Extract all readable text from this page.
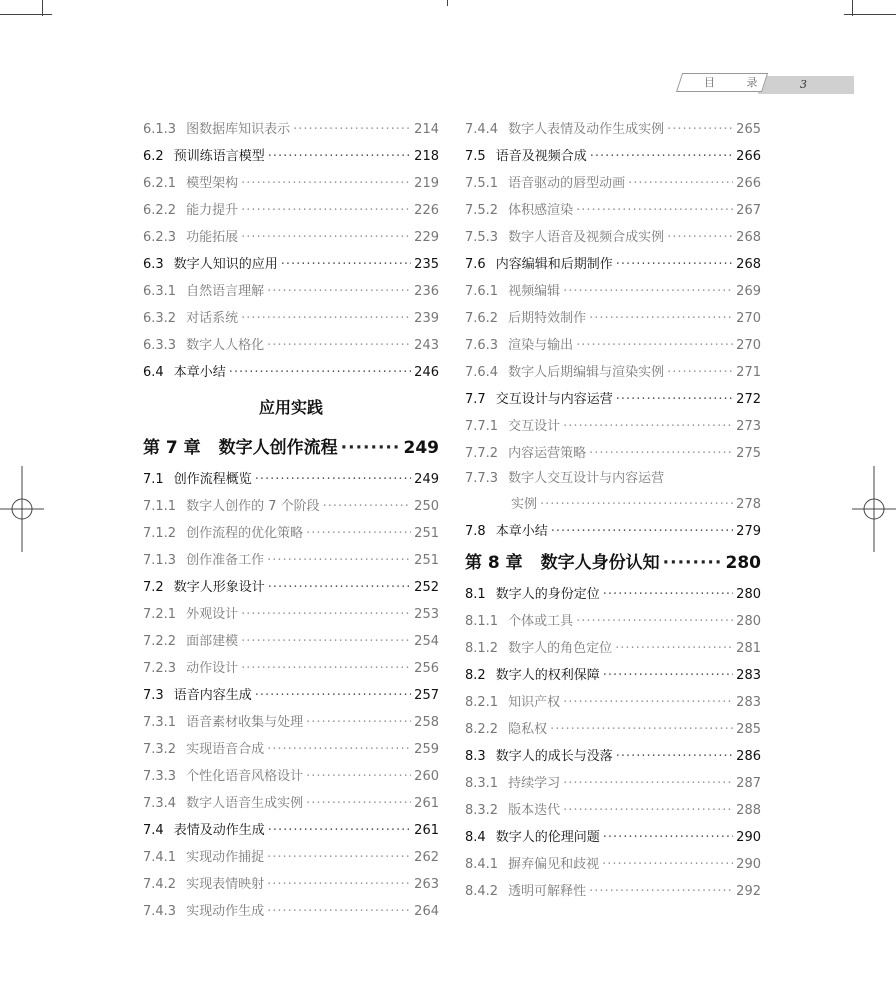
目 录	3
6.1.3 图数据库知识表示 ·····	214
6.2 预训练语言模型 ·····	218
6.2.1 模型架构 ·····	219
6.2.2 能力提升 ·····	226
6.2.3 功能拓展 ·····	229
6.3 数字人知识的应用 ·····	235
6.3.1 自然语言理解 ·····	236
6.3.2 对话系统 ·····	239
6.3.3 数字人人格化 ·····	243
6.4 本章小结 ·····	246
应用实践
第 7 章 数字人创作流程 ·····	249
7.1 创作流程概览 ·····	249
7.1.1 数字人创作的 7 个阶段 ·····	250
7.1.2 创作流程的优化策略 ·····	251
7.1.3 创作准备工作 ·····	251
7.2 数字人形象设计 ·····	252
7.2.1 外观设计 ·····	253
7.2.2 面部建模 ·····	254
7.2.3 动作设计 ·····	256
7.3 语音内容生成 ·····	257
7.3.1 语音素材收集与处理 ·····	258
7.3.2 实现语音合成 ·····	259
7.3.3 个性化语音风格设计 ·····	260
7.3.4 数字人语音生成实例 ·····	261
7.4 表情及动作生成 ·····	261
7.4.1 实现动作捕捉 ·····	262
7.4.2 实现表情映射 ·····	263
7.4.3 实现动作生成 ·····	264
7.4.4 数字人表情及动作生成实例 ·····	265
7.5 语音及视频合成 ·····	266
7.5.1 语音驱动的唇型动画 ·····	266
7.5.2 体积感渲染 ·····	267
7.5.3 数字人语音及视频合成实例 ·····	268
7.6 内容编辑和后期制作 ·····	268
7.6.1 视频编辑 ·····	269
7.6.2 后期特效制作 ·····	270
7.6.3 渲染与输出 ·····	270
7.6.4 数字人后期编辑与渲染实例 ·····	271
7.7 交互设计与内容运营 ·····	272
7.7.1 交互设计 ·····	273
7.7.2 内容运营策略 ·····	275
7.7.3 数字人交互设计与内容运营
实例 ·····	278
7.8 本章小结 ·····	279
第 8 章 数字人身份认知 ·····	280
8.1 数字人的身份定位 ·····	280
8.1.1 个体或工具 ·····	280
8.1.2 数字人的角色定位 ·····	281
8.2 数字人的权利保障 ·····	283
8.2.1 知识产权 ·····	283
8.2.2 隐私权 ·····	285
8.3 数字人的成长与没落 ·····	286
8.3.1 持续学习 ·····	287
8.3.2 版本迭代 ·····	288
8.4 数字人的伦理问题 ·····	290
8.4.1 摒弃偏见和歧视 ·····	290
8.4.2 透明可解释性 ·····	292
